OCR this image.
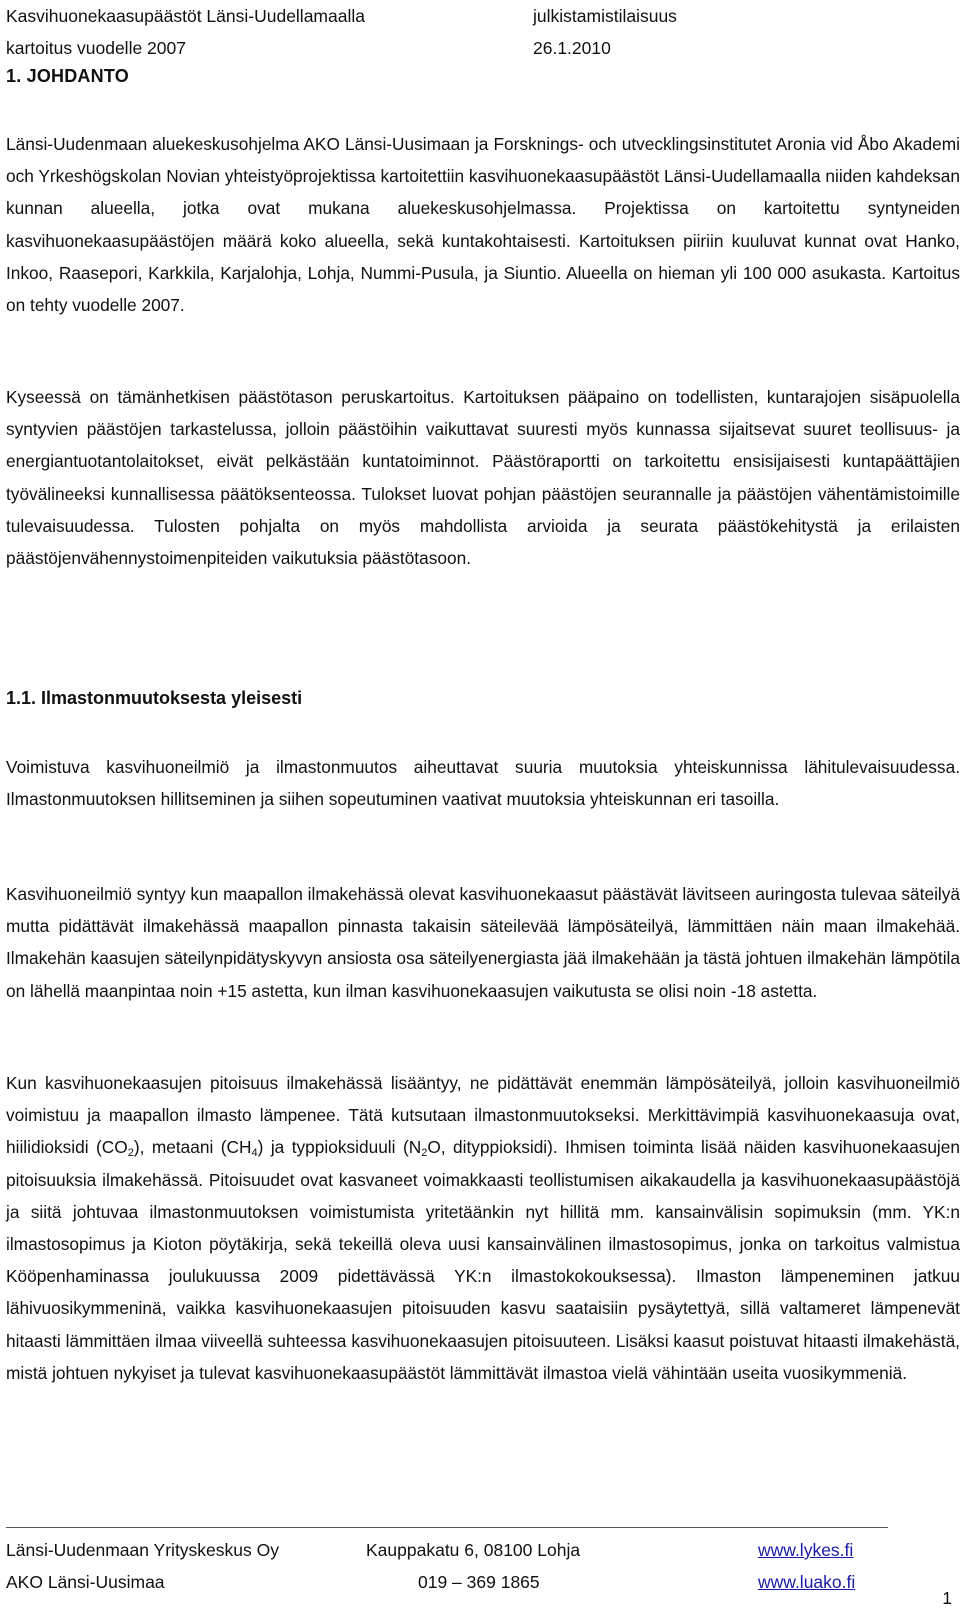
Kasvihuonekaasupäästöt Länsi-Uudellamaalla	julkistamistilaisuus
kartoitus vuodelle 2007	26.1.2010
1. JOHDANTO

Länsi-Uudenmaan aluekeskusohjelma AKO Länsi-Uusimaan ja Forsknings- och utvecklingsinstitutet Aronia vid Åbo Akademi och Yrkeshögskolan Novian yhteistyöprojektissa kartoitettiin kasvihuonekaasupäästöt Länsi-Uudellamaalla niiden kahdeksan kunnan alueella, jotka ovat mukana aluekeskusohjelmassa. Projektissa on kartoitettu syntyneiden kasvihuonekaasupäästöjen määrä koko alueella, sekä kuntakohtaisesti. Kartoituksen piiriin kuuluvat kunnat ovat Hanko, Inkoo, Raasepori, Karkkila, Karjalohja, Lohja, Nummi-Pusula, ja Siuntio. Alueella on hieman yli 100 000 asukasta. Kartoitus on tehty vuodelle 2007.

Kyseessä on tämänhetkisen päästötason peruskartoitus. Kartoituksen pääpaino on todellisten, kuntarajojen sisäpuolella syntyvien päästöjen tarkastelussa, jolloin päästöihin vaikuttavat suuresti myös kunnassa sijaitsevat suuret teollisuus- ja energiantuotantolaitokset, eivät pelkästään kuntatoiminnot. Päästöraportti on tarkoitettu ensisijaisesti kuntapäättäjien työvälineeksi kunnallisessa päätöksenteossa. Tulokset luovat pohjan päästöjen seurannalle ja päästöjen vähentämistoimille tulevaisuudessa. Tulosten pohjalta on myös mahdollista arvioida ja seurata päästökehitystä ja erilaisten päästöjenvähennystoimenpiteiden vaikutuksia päästötasoon.

1.1. Ilmastonmuutoksesta yleisesti

Voimistuva kasvihuoneilmiö ja ilmastonmuutos aiheuttavat suuria muutoksia yhteiskunnissa lähitulevaisuudessa. Ilmastonmuutoksen hillitseminen ja siihen sopeutuminen vaativat muutoksia yhteiskunnan eri tasoilla.

Kasvihuoneilmiö syntyy kun maapallon ilmakehässä olevat kasvihuonekaasut päästävät lävitseen auringosta tulevaa säteilyä mutta pidättävät ilmakehässä maapallon pinnasta takaisin säteilevää lämpösäteilyä, lämmittäen näin maan ilmakehää. Ilmakehän kaasujen säteilynpidätyskyvyn ansiosta osa säteilyenergiasta jää ilmakehään ja tästä johtuen ilmakehän lämpötila on lähellä maanpintaa noin +15 astetta, kun ilman kasvihuonekaasujen vaikutusta se olisi noin -18 astetta.

Kun kasvihuonekaasujen pitoisuus ilmakehässä lisääntyy, ne pidättävät enemmän lämpösäteilyä, jolloin kasvihuoneilmiö voimistuu ja maapallon ilmasto lämpenee. Tätä kutsutaan ilmastonmuutokseksi. Merkittävimpiä kasvihuonekaasuja ovat, hiilidioksidi $(CO_2)$, metaani $(CH_4)$ ja typpioksiduuli ($N_2O$, dityppioksidi). Ihmisen toiminta lisää näiden kasvihuonekaasujen pitoisuuksia ilmakehässä. Pitoisuudet ovat kasvaneet voimakkaasti teollistumisen aikakaudella ja kasvihuonekaasupäästöjä ja siitä johtuvaa ilmastonmuutoksen voimistumista yritetäänkin nyt hillitä mm. kansainvälisin sopimuksin (mm. YK:n ilmastosopimus ja Kioton pöytäkirja, sekä tekeillä oleva uusi kansainvälinen ilmastosopimus, jonka on tarkoitus valmistua Kööpenhaminassa joulukuussa 2009 pidettävässä YK:n ilmastokokouksessa). Ilmaston lämpeneminen jatkuu lähivuosikymmeninä, vaikka kasvihuonekaasujen pitoisuuden kasvu saataisiin pysäytettyä, sillä valtameret lämpenevät hitaasti lämmittäen ilmaa viiveellä suhteessa kasvihuonekaasujen pitoisuuteen. Lisäksi kaasut poistuvat hitaasti ilmakehästä, mistä johtuen nykyiset ja tulevat kasvihuonekaasupäästöt lämmittävät ilmastoa vielä vähintään useita vuosikymmeniä.

Länsi-Uudenmaan Yrityskeskus Oy	Kauppakatu 6, 08100 Lohja	www.lykes.fi
AKO Länsi-Uusimaa	019 – 369 1865	www.luako.fi
1
